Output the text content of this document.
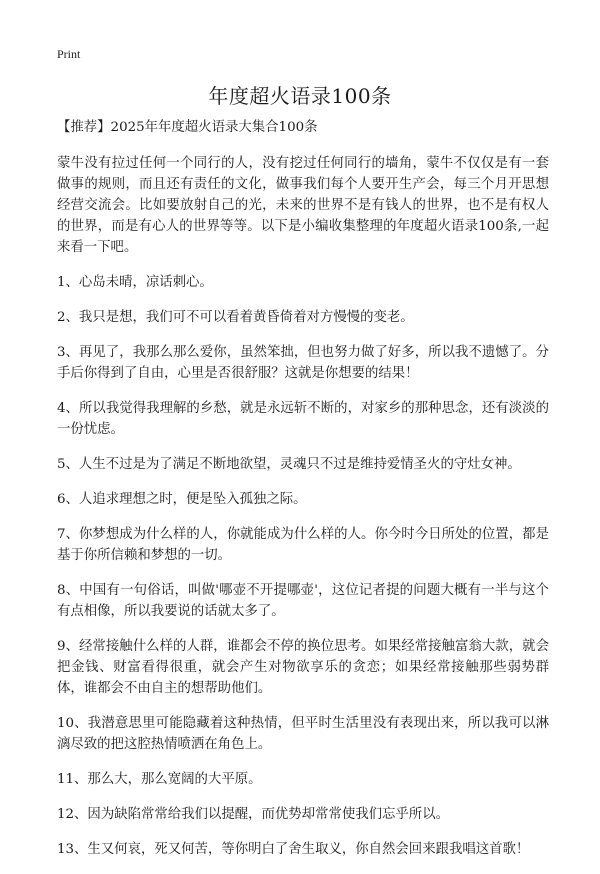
Print
年度超火语录100条

【推荐】2025年年度超火语录大集合100条

蒙牛没有拉过任何一个同行的人，没有挖过任何同行的墙角，蒙牛不仅仅是有一套做事的规则，而且还有责任的文化，做事我们每个人要开生产会，每三个月开思想经营交流会。比如要放射自己的光，未来的世界不是有钱人的世界，也不是有权人的世界，而是有心人的世界等等。以下是小编收集整理的年度超火语录100条,一起来看一下吧。

1、心岛未晴，凉话刺心。

2、我只是想，我们可不可以看着黄昏倚着对方慢慢的变老。

3、再见了，我那么那么爱你，虽然笨拙，但也努力做了好多，所以我不遗憾了。分手后你得到了自由，心里是否很舒服？这就是你想要的结果！

4、所以我觉得我理解的乡愁，就是永远斩不断的，对家乡的那种思念，还有淡淡的一份忧虑。

5、人生不过是为了满足不断地欲望，灵魂只不过是维持爱情圣火的守灶女神。

6、人追求理想之时，便是坠入孤独之际。

7、你梦想成为什么样的人，你就能成为什么样的人。你今时今日所处的位置，都是基于你所信赖和梦想的一切。

8、中国有一句俗话，叫做'哪壶不开提哪壶'，这位记者提的问题大概有一半与这个有点相像，所以我要说的话就太多了。

9、经常接触什么样的人群，谁都会不停的换位思考。如果经常接触富翁大款，就会把金钱、财富看得很重，就会产生对物欲享乐的贪恋；如果经常接触那些弱势群体，谁都会不由自主的想帮助他们。

10、我潜意思里可能隐藏着这种热情，但平时生活里没有表现出来，所以我可以淋漓尽致的把这腔热情喷洒在角色上。

11、那么大，那么宽阔的大平原。

12、因为缺陷常常给我们以提醒，而优势却常常使我们忘乎所以。

13、生又何哀，死又何苦，等你明白了舍生取义，你自然会回来跟我唱这首歌！
